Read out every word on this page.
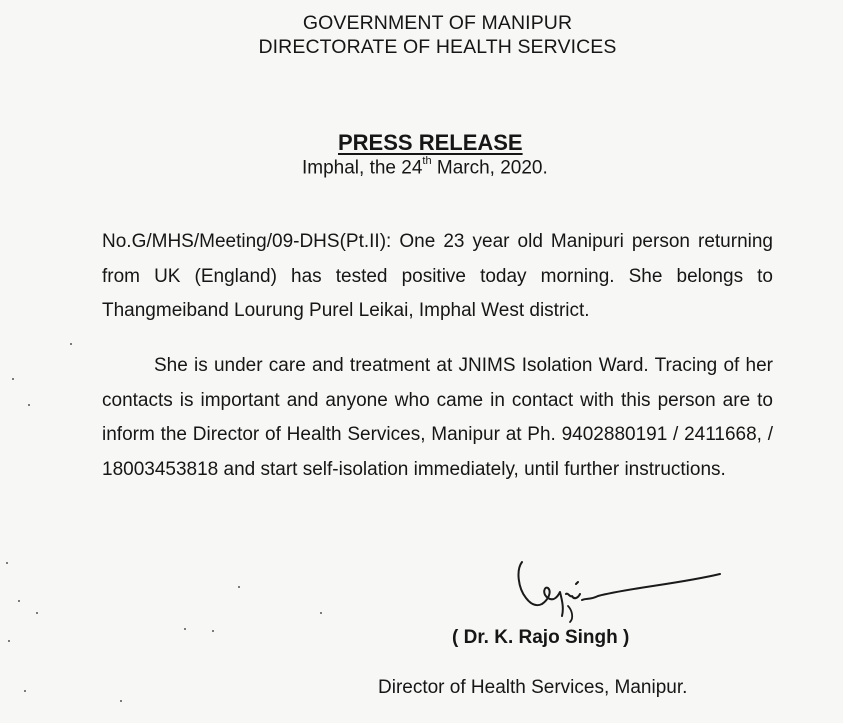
GOVERNMENT OF MANIPUR
DIRECTORATE OF HEALTH SERVICES
PRESS RELEASE
Imphal, the 24th March, 2020.
No.G/MHS/Meeting/09-DHS(Pt.II): One 23 year old Manipuri person returning from UK (England) has tested positive today morning. She belongs to Thangmeiband Lourung Purel Leikai, Imphal West district.
She is under care and treatment at JNIMS Isolation Ward. Tracing of her contacts is important and anyone who came in contact with this person are to inform the Director of Health Services, Manipur at Ph. 9402880191 / 2411668, / 18003453818 and start self-isolation immediately, until further instructions.
( Dr. K. Rajo Singh )
Director of Health Services, Manipur.
